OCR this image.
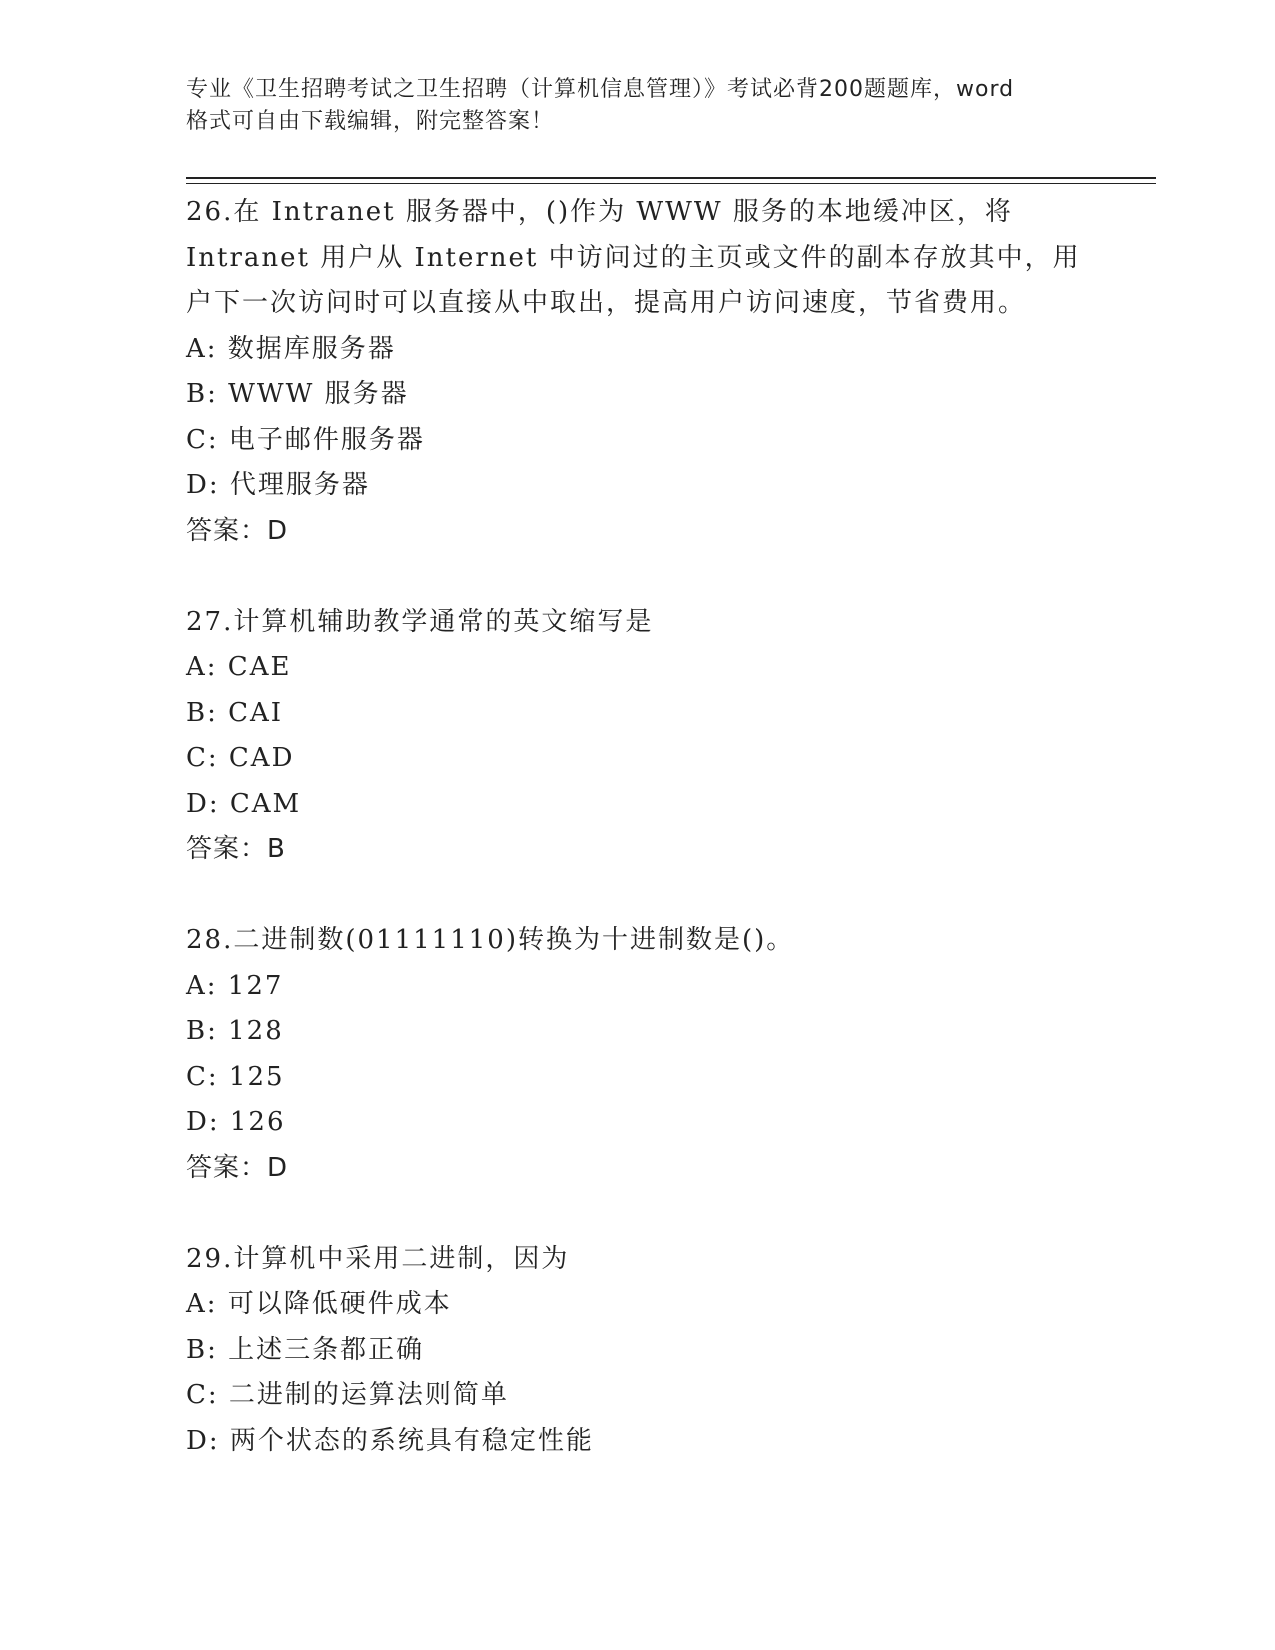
专业《卫生招聘考试之卫生招聘（计算机信息管理）》考试必背200题题库，word
格式可自由下载编辑，附完整答案！
26.在 Intranet 服务器中，()作为 WWW 服务的本地缓冲区，将
Intranet 用户从 Internet 中访问过的主页或文件的副本存放其中，用
户下一次访问时可以直接从中取出，提高用户访问速度，节省费用。
A: 数据库服务器
B: WWW 服务器
C: 电子邮件服务器
D: 代理服务器
答案：D
27.计算机辅助教学通常的英文缩写是
A: CAE
B: CAI
C: CAD
D: CAM
答案：B
28.二进制数(01111110)转换为十进制数是()。
A: 127
B: 128
C: 125
D: 126
答案：D
29.计算机中采用二进制，因为
A: 可以降低硬件成本
B: 上述三条都正确
C: 二进制的运算法则简单
D: 两个状态的系统具有稳定性能
